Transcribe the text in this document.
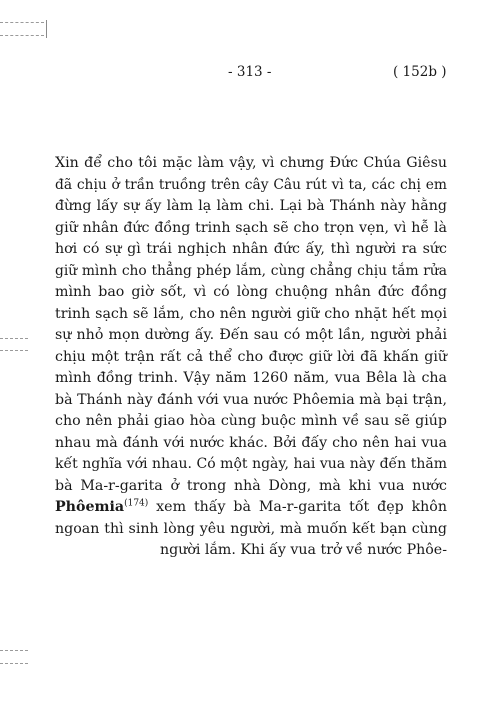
- 313 -	( 152b )
Xin để cho tôi mặc làm vậy, vì chưng Đức Chúa Giêsu
đã chịu ở trần truồng trên cây Câu rút vì ta, các chị em
đừng lấy sự ấy làm lạ làm chi. Lại bà Thánh này hằng
giữ nhân đức đồng trinh sạch sẽ cho trọn vẹn, vì hễ là
hơi có sự gì trái nghịch nhân đức ấy, thì người ra sức
giữ mình cho thẳng phép lắm, cùng chẳng chịu tắm rửa
mình bao giờ sốt, vì có lòng chuộng nhân đức đồng
trinh sạch sẽ lắm, cho nên người giữ cho nhặt hết mọi
sự nhỏ mọn dường ấy. Đến sau có một lần, người phải
chịu một trận rất cả thể cho được giữ lời đã khấn giữ
mình đồng trinh. Vậy năm 1260 năm, vua Bêla là cha
bà Thánh này đánh với vua nước Phôemia mà bại trận,
cho nên phải giao hòa cùng buộc mình về sau sẽ giúp
nhau mà đánh với nước khác. Bởi đấy cho nên hai vua
kết nghĩa với nhau. Có một ngày, hai vua này đến thăm
bà Ma-r-garita ở trong nhà Dòng, mà khi vua nước
Phôemia$^{(174)}$ xem thấy bà Ma-r-garita tốt đẹp khôn
ngoan thì sinh lòng yêu người, mà muốn kết bạn cùng
người lắm. Khi ấy vua trở về nước Phôe-
